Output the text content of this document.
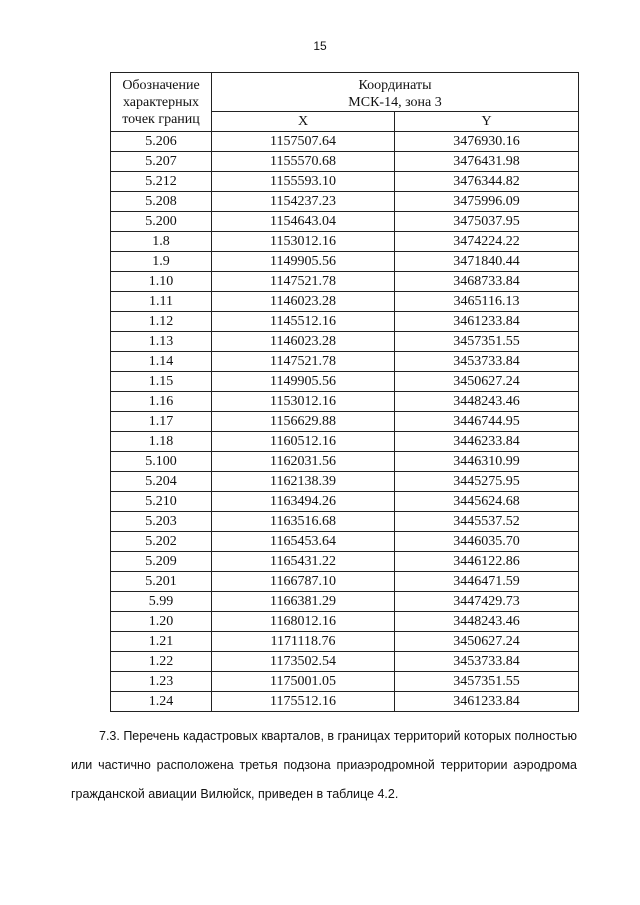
15
Обозначение характерных точек границ	Координаты
МСК-14, зона 3	
	X	Y
5.206	1157507.64	3476930.16
5.207	1155570.68	3476431.98
5.212	1155593.10	3476344.82
5.208	1154237.23	3475996.09
5.200	1154643.04	3475037.95
1.8	1153012.16	3474224.22
1.9	1149905.56	3471840.44
1.10	1147521.78	3468733.84
1.11	1146023.28	3465116.13
1.12	1145512.16	3461233.84
1.13	1146023.28	3457351.55
1.14	1147521.78	3453733.84
1.15	1149905.56	3450627.24
1.16	1153012.16	3448243.46
1.17	1156629.88	3446744.95
1.18	1160512.16	3446233.84
5.100	1162031.56	3446310.99
5.204	1162138.39	3445275.95
5.210	1163494.26	3445624.68
5.203	1163516.68	3445537.52
5.202	1165453.64	3446035.70
5.209	1165431.22	3446122.86
5.201	1166787.10	3446471.59
5.99	1166381.29	3447429.73
1.20	1168012.16	3448243.46
1.21	1171118.76	3450627.24
1.22	1173502.54	3453733.84
1.23	1175001.05	3457351.55
1.24	1175512.16	3461233.84
7.3. Перечень кадастровых кварталов, в границах территорий которых полностью или частично расположена третья подзона приаэродромной территории аэродрома гражданской авиации Вилюйск, приведен в таблице 4.2.
